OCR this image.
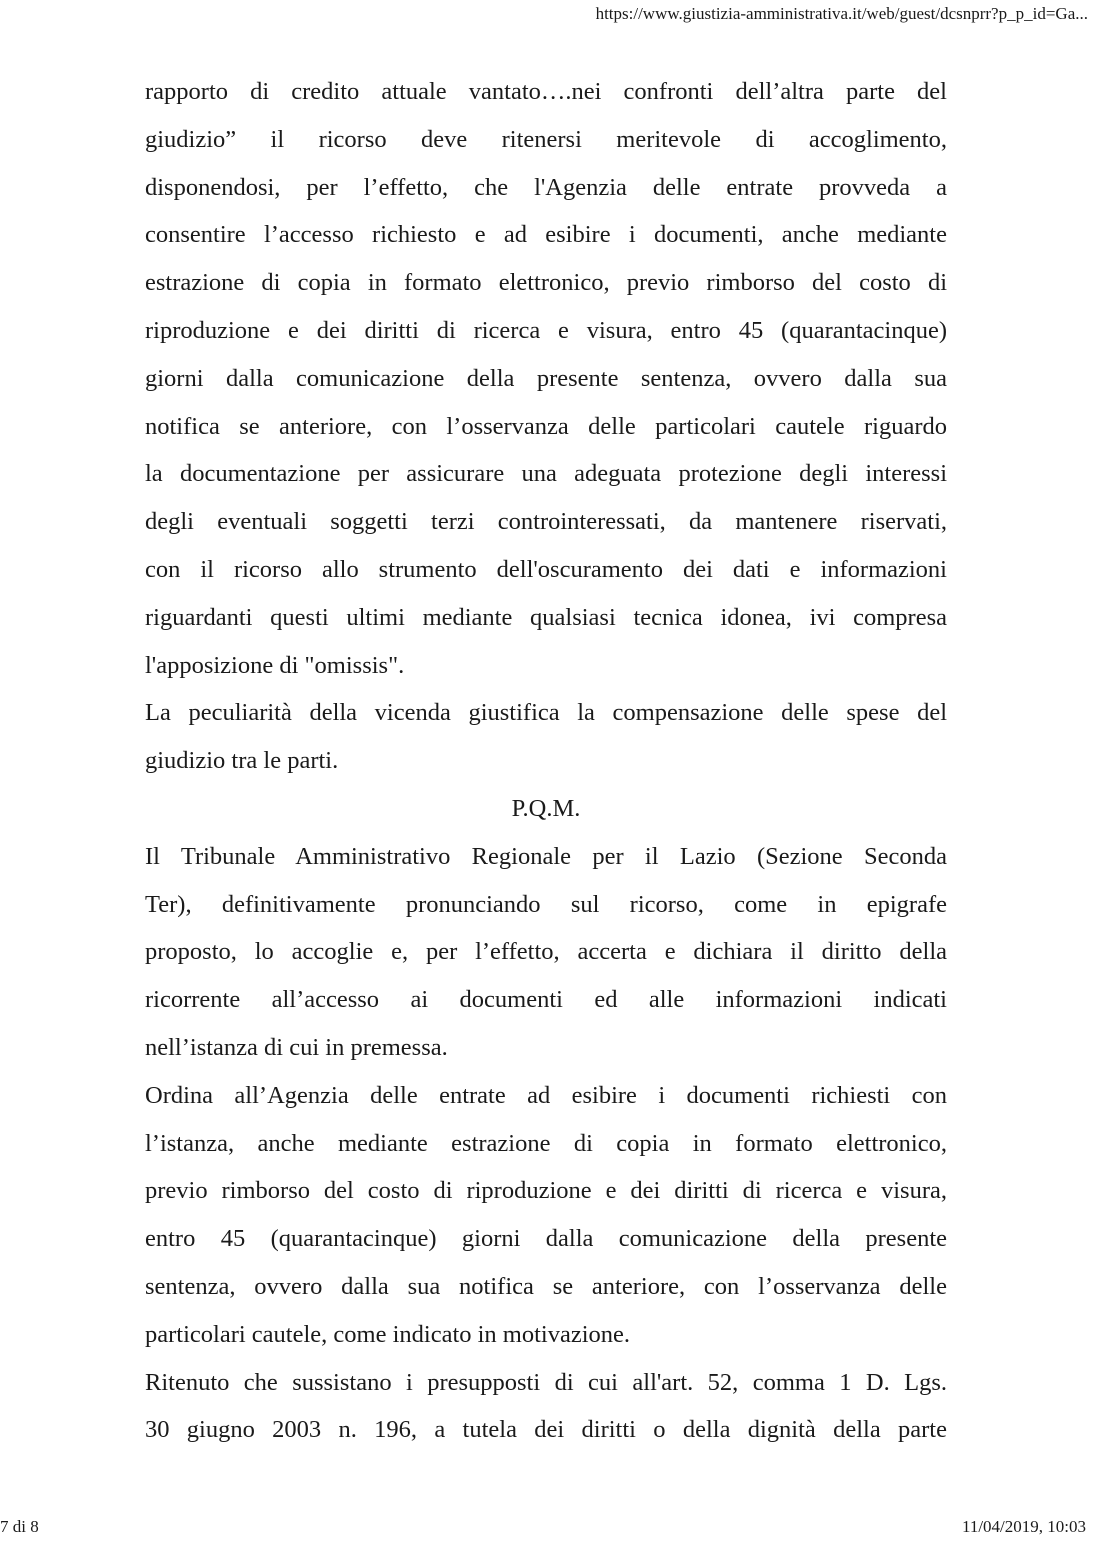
https://www.giustizia-amministrativa.it/web/guest/dcsnprr?p_p_id=Ga...
rapporto di credito attuale vantato….nei confronti dell’altra parte del
giudizio” il ricorso deve ritenersi meritevole di accoglimento,
disponendosi, per l’effetto, che l'Agenzia delle entrate provveda a
consentire l’accesso richiesto e ad esibire i documenti, anche mediante
estrazione di copia in formato elettronico, previo rimborso del costo di
riproduzione e dei diritti di ricerca e visura, entro 45 (quarantacinque)
giorni dalla comunicazione della presente sentenza, ovvero dalla sua
notifica se anteriore, con l’osservanza delle particolari cautele riguardo
la documentazione per assicurare una adeguata protezione degli interessi
degli eventuali soggetti terzi controinteressati, da mantenere riservati,
con il ricorso allo strumento dell'oscuramento dei dati e informazioni
riguardanti questi ultimi mediante qualsiasi tecnica idonea, ivi compresa
l'apposizione di "omissis".
La peculiarità della vicenda giustifica la compensazione delle spese del
giudizio tra le parti.
P.Q.M.
Il Tribunale Amministrativo Regionale per il Lazio (Sezione Seconda
Ter), definitivamente pronunciando sul ricorso, come in epigrafe
proposto, lo accoglie e, per l’effetto, accerta e dichiara il diritto della
ricorrente all’accesso ai documenti ed alle informazioni indicati
nell’istanza di cui in premessa.
Ordina all’Agenzia delle entrate ad esibire i documenti richiesti con
l’istanza, anche mediante estrazione di copia in formato elettronico,
previo rimborso del costo di riproduzione e dei diritti di ricerca e visura,
entro 45 (quarantacinque) giorni dalla comunicazione della presente
sentenza, ovvero dalla sua notifica se anteriore, con l’osservanza delle
particolari cautele, come indicato in motivazione.
Ritenuto che sussistano i presupposti di cui all'art. 52, comma 1 D. Lgs.
30 giugno 2003 n. 196, a tutela dei diritti o della dignità della parte
7 di 8	11/04/2019, 10:03
